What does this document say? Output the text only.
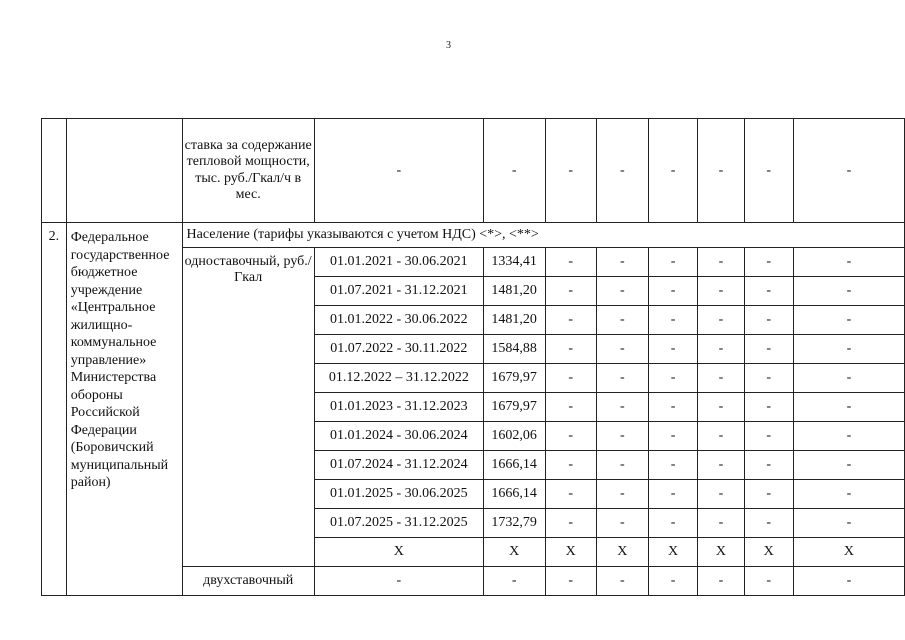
3
		ставка за содержание тепловой мощности, тыс. руб./Гкал/ч в мес.	-	-	-	-	-	-	-	-
2.	Федеральное государственное бюджетное учреждение «Центральное жилищно-коммунальное управление» Министерства обороны Российской Федерации (Боровичский муниципальный район)	Население (тарифы указываются с учетом НДС) <*>, <**>								
		одноставочный, руб./Гкал	01.01.2021 - 30.06.2021	1334,41	-	-	-	-	-	-
			01.07.2021 - 31.12.2021	1481,20	-	-	-	-	-	-
			01.01.2022 - 30.06.2022	1481,20	-	-	-	-	-	-
			01.07.2022 - 30.11.2022	1584,88	-	-	-	-	-	-
			01.12.2022 – 31.12.2022	1679,97	-	-	-	-	-	-
			01.01.2023 - 31.12.2023	1679,97	-	-	-	-	-	-
			01.01.2024 - 30.06.2024	1602,06	-	-	-	-	-	-
			01.07.2024 - 31.12.2024	1666,14	-	-	-	-	-	-
			01.01.2025 - 30.06.2025	1666,14	-	-	-	-	-	-
			01.07.2025 - 31.12.2025	1732,79	-	-	-	-	-	-
			X	X	X	X	X	X	X	X
		двухставочный	-	-	-	-	-	-	-	-
